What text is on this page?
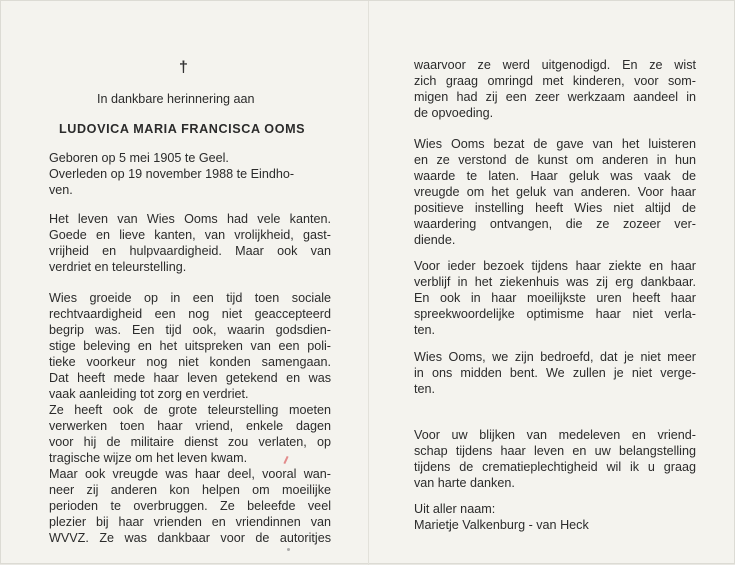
†
In dankbare herinnering aan
LUDOVICA MARIA FRANCISCA OOMS
Geboren op 5 mei 1905 te Geel.
Overleden op 19 november 1988 te Eindho-
ven.
Het leven van Wies Ooms had vele kanten.
Goede en lieve kanten, van vrolijkheid, gast-
vrijheid en hulpvaardigheid. Maar ook van
verdriet en teleurstelling.
Wies groeide op in een tijd toen sociale
rechtvaardigheid een nog niet geaccepteerd
begrip was. Een tijd ook, waarin godsdien-
stige beleving en het uitspreken van een poli-
tieke voorkeur nog niet konden samengaan.
Dat heeft mede haar leven getekend en was
vaak aanleiding tot zorg en verdriet.
Ze heeft ook de grote teleurstelling moeten
verwerken toen haar vriend, enkele dagen
voor hij de militaire dienst zou verlaten, op
tragische wijze om het leven kwam.
Maar ook vreugde was haar deel, vooral wan-
neer zij anderen kon helpen om moeilijke
perioden te overbruggen. Ze beleefde veel
plezier bij haar vrienden en vriendinnen van
WVVZ. Ze was dankbaar voor de autoritjes
waarvoor ze werd uitgenodigd. En ze wist
zich graag omringd met kinderen, voor som-
migen had zij een zeer werkzaam aandeel in
de opvoeding.
Wies Ooms bezat de gave van het luisteren
en ze verstond de kunst om anderen in hun
waarde te laten. Haar geluk was vaak de
vreugde om het geluk van anderen. Voor haar
positieve instelling heeft Wies niet altijd de
waardering ontvangen, die ze zozeer ver-
diende.
Voor ieder bezoek tijdens haar ziekte en haar
verblijf in het ziekenhuis was zij erg dankbaar.
En ook in haar moeilijkste uren heeft haar
spreekwoordelijke optimisme haar niet verla-
ten.
Wies Ooms, we zijn bedroefd, dat je niet meer
in ons midden bent. We zullen je niet verge-
ten.
Voor uw blijken van medeleven en vriend-
schap tijdens haar leven en uw belangstelling
tijdens de crematieplechtigheid wil ik u graag
van harte danken.
Uit aller naam:
Marietje Valkenburg - van Heck
